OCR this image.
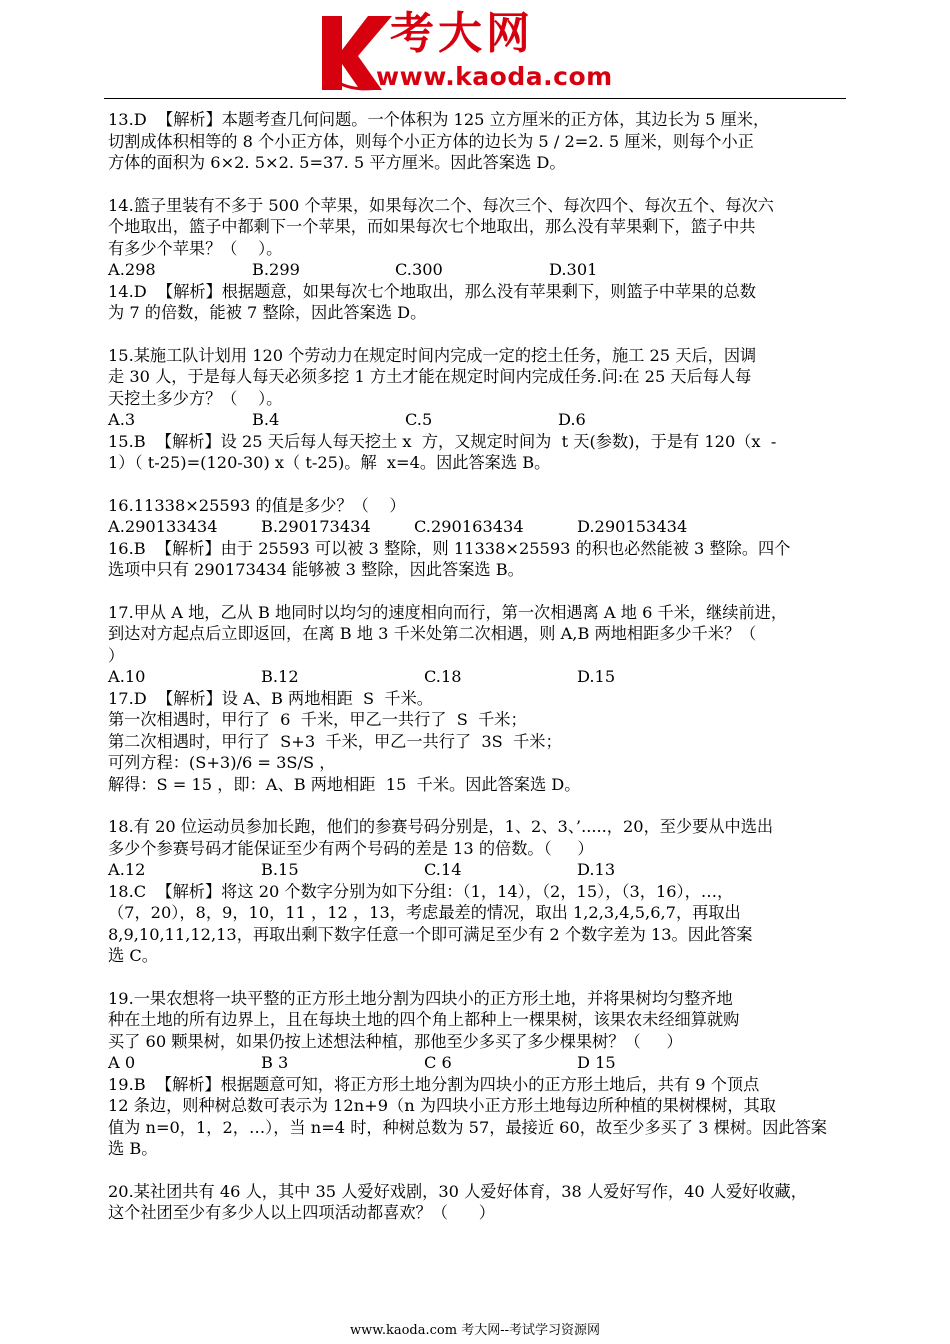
考大网
www.kaoda.com
13.D  【解析】本题考查几何问题。一个体积为 125 立方厘米的正方体，其边长为 5 厘米，
切割成体积相等的 8 个小正方体，则每个小正方体的边长为 5 / 2=2. 5 厘米，则每个小正
方体的面积为 6×2. 5×2. 5=37. 5 平方厘米。因此答案选 D。
14.篮子里装有不多于 500 个苹果，如果每次二个、每次三个、每次四个、每次五个、每次六
个地取出，篮子中都剩下一个苹果，而如果每次七个地取出，那么没有苹果剩下，篮子中共
有多少个苹果？（    ）。
A.298	B.299	C.300	D.301
14.D  【解析】根据题意，如果每次七个地取出，那么没有苹果剩下，则篮子中苹果的总数
为 7 的倍数，能被 7 整除，因此答案选 D。
15.某施工队计划用 120 个劳动力在规定时间内完成一定的挖土任务，施工 25 天后，因调
走 30 人，于是每人每天必须多挖 1 方土才能在规定时间内完成任务.问:在 25 天后每人每
天挖土多少方？（    ）。
A.3	B.4	C.5	D.6
15.B  【解析】设 25 天后每人每天挖土 x  方，又规定时间为  t 天(参数)，于是有 120（x  -
1）（ t-25)=(120-30) x（ t-25)。解  x=4。因此答案选 B。
16.11338×25593 的值是多少？（    ）
A.290133434	B.290173434	C.290163434	D.290153434
16.B  【解析】由于 25593 可以被 3 整除，则 11338×25593 的积也必然能被 3 整除。四个
选项中只有 290173434 能够被 3 整除，因此答案选 B。
17.甲从 A 地，乙从 B 地同时以均匀的速度相向而行，第一次相遇离 A 地 6 千米，继续前进，
到达对方起点后立即返回，在离 B 地 3 千米处第二次相遇，则 A,B 两地相距多少千米？（
）
A.10	B.12	C.18	D.15
17.D  【解析】设 A、B 两地相距  S  千米。
第一次相遇时，甲行了  6  千米，甲乙一共行了  S  千米；
第二次相遇时，甲行了  S+3  千米，甲乙一共行了  3S  千米；
可列方程：(S+3)/6 = 3S/S ，
解得：S = 15 ，即：A、B 两地相距  15  千米。因此答案选 D。
18.有 20 位运动员参加长跑，他们的参赛号码分别是，1、2、3、’.....，20，至少要从中选出
多少个参赛号码才能保证至少有两个号码的差是 13 的倍数。（     ）
A.12	B.15	C.14	D.13
18.C  【解析】将这 20 个数字分别为如下分组：（1，14），（2，15），（3，16），…，
（7，20），8，9，10，11 ，12 ，13，考虑最差的情况，取出 1,2,3,4,5,6,7，再取出
8,9,10,11,12,13，再取出剩下数字任意一个即可满足至少有 2 个数字差为 13。因此答案
选 C。
19.一果农想将一块平整的正方形土地分割为四块小的正方形土地，并将果树均匀整齐地
种在土地的所有边界上，且在每块土地的四个角上都种上一棵果树，该果农未经细算就购
买了 60 颗果树，如果仍按上述想法种植，那他至少多买了多少棵果树？（     ）
A 0	B 3	C 6	D 15
19.B  【解析】根据题意可知，将正方形土地分割为四块小的正方形土地后，共有 9 个顶点
12 条边，则种树总数可表示为 12n+9（n 为四块小正方形土地每边所种植的果树棵树，其取
值为 n=0，1，2，…），当 n=4 时，种树总数为 57，最接近 60，故至少多买了 3 棵树。因此答案
选 B。
20.某社团共有 46 人，其中 35 人爱好戏剧，30 人爱好体育，38 人爱好写作，40 人爱好收藏，
这个社团至少有多少人以上四项活动都喜欢？（      ）
www.kaoda.com 考大网--考试学习资源网
